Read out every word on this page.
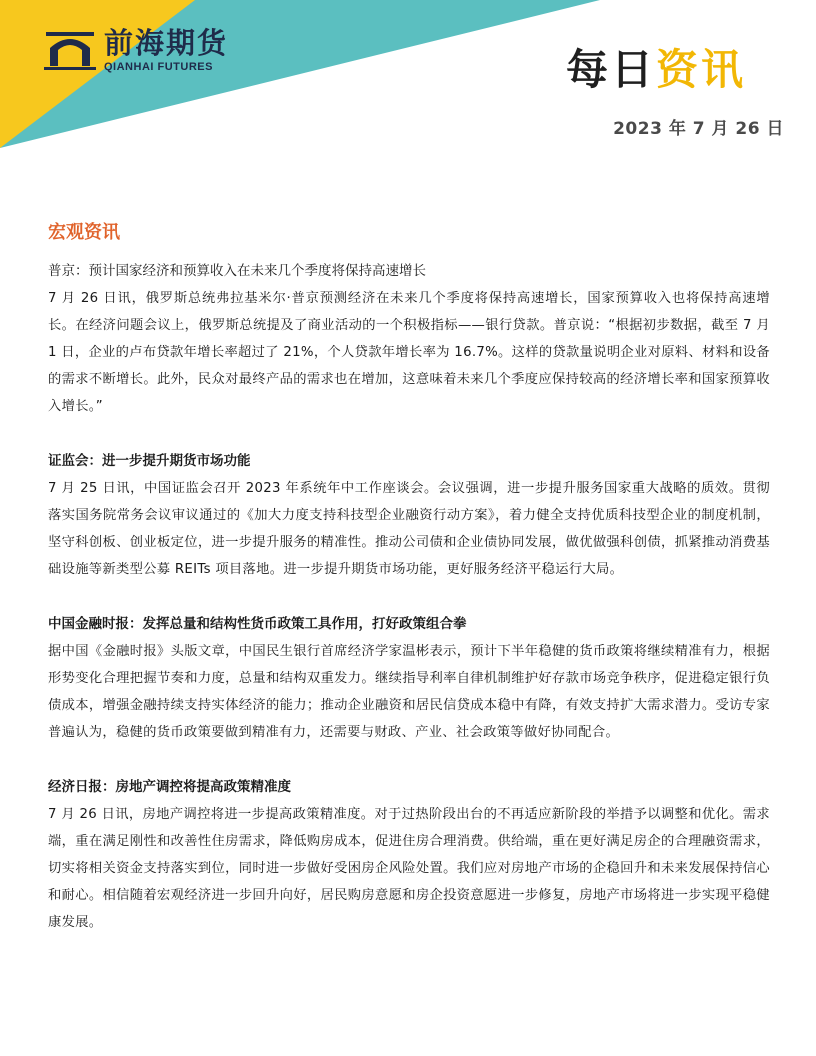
前海期货
QIANHAI FUTURES	每日资讯
2023 年 7 月 26 日
宏观资讯

普京：预计国家经济和预算收入在未来几个季度将保持高速增长

7 月 26 日讯，俄罗斯总统弗拉基米尔·普京预测经济在未来几个季度将保持高速增长，国家预算收入也将保持高速增长。在经济问题会议上，俄罗斯总统提及了商业活动的一个积极指标——银行贷款。普京说：“根据初步数据，截至 7 月 1 日，企业的卢布贷款年增长率超过了 21%，个人贷款年增长率为 16.7%。这样的贷款量说明企业对原料、材料和设备的需求不断增长。此外，民众对最终产品的需求也在增加，这意味着未来几个季度应保持较高的经济增长率和国家预算收入增长。”

证监会：进一步提升期货市场功能

7 月 25 日讯，中国证监会召开 2023 年系统年中工作座谈会。会议强调，进一步提升服务国家重大战略的质效。贯彻落实国务院常务会议审议通过的《加大力度支持科技型企业融资行动方案》，着力健全支持优质科技型企业的制度机制，坚守科创板、创业板定位，进一步提升服务的精准性。推动公司债和企业债协同发展，做优做强科创债，抓紧推动消费基础设施等新类型公募 REITs 项目落地。进一步提升期货市场功能，更好服务经济平稳运行大局。

中国金融时报：发挥总量和结构性货币政策工具作用，打好政策组合拳

据中国《金融时报》头版文章，中国民生银行首席经济学家温彬表示，预计下半年稳健的货币政策将继续精准有力，根据形势变化合理把握节奏和力度，总量和结构双重发力。继续指导利率自律机制维护好存款市场竞争秩序，促进稳定银行负债成本，增强金融持续支持实体经济的能力；推动企业融资和居民信贷成本稳中有降，有效支持扩大需求潜力。受访专家普遍认为，稳健的货币政策要做到精准有力，还需要与财政、产业、社会政策等做好协同配合。

经济日报：房地产调控将提高政策精准度

7 月 26 日讯，房地产调控将进一步提高政策精准度。对于过热阶段出台的不再适应新阶段的举措予以调整和优化。需求端，重在满足刚性和改善性住房需求，降低购房成本，促进住房合理消费。供给端，重在更好满足房企的合理融资需求，切实将相关资金支持落实到位，同时进一步做好受困房企风险处置。我们应对房地产市场的企稳回升和未来发展保持信心和耐心。相信随着宏观经济进一步回升向好，居民购房意愿和房企投资意愿进一步修复，房地产市场将进一步实现平稳健康发展。
